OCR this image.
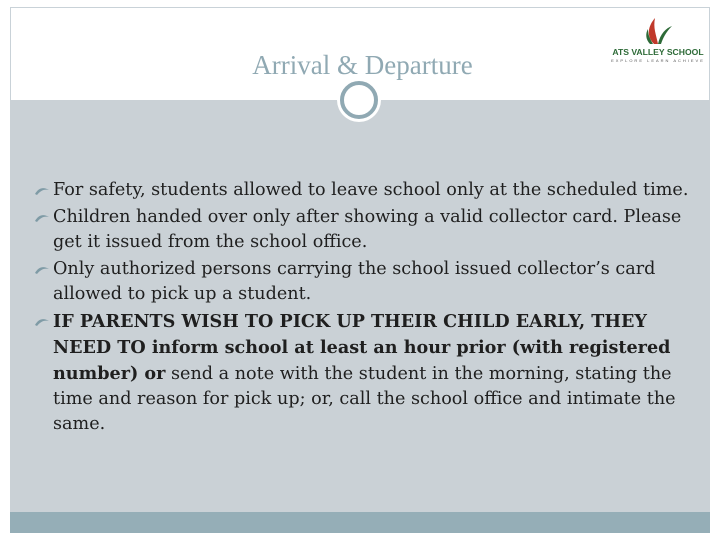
Arrival & Departure	ATS VALLEY SCHOOL
EXPLORE LEARN ACHIEVE
For safety, students allowed to leave school only at the scheduled time.
Children handed over only after showing a valid collector card. Please get it issued from the school office.
Only authorized persons carrying the school issued collector’s card allowed to pick up a student.
IF PARENTS WISH TO PICK UP THEIR CHILD EARLY, THEY NEED TO inform school at least an hour prior (with registered number) or send a note with the student in the morning, stating the time and reason for pick up; or, call the school office and intimate the same.
